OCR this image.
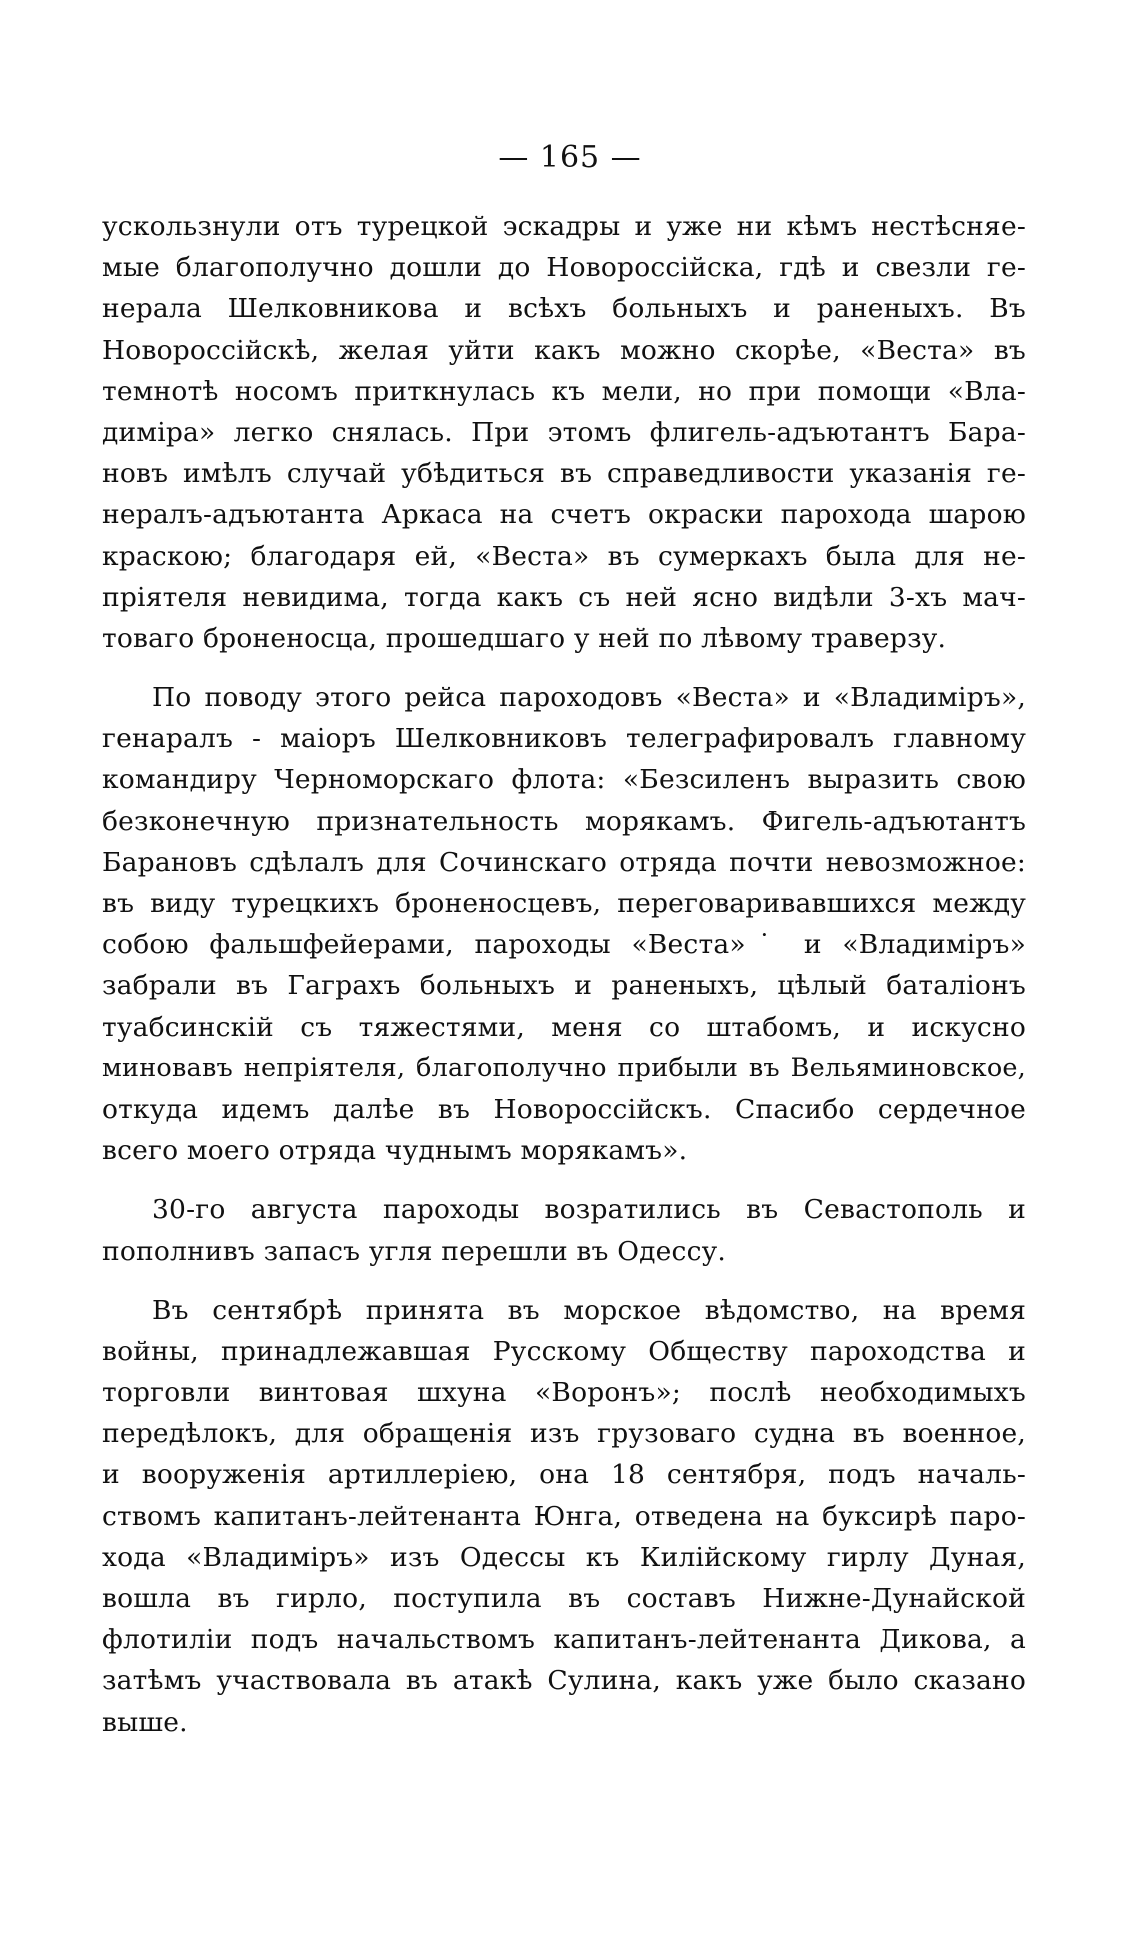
— 165 —
ускользнули отъ турецкой эскадры и уже ни кѣмъ нестѣсняе-
мые благополучно дошли до Новороссійска, гдѣ и свезли ге-
нерала Шелковникова и всѣхъ больныхъ и раненыхъ. Въ
Новороссійскѣ, желая уйти какъ можно скорѣе, «Веста» въ
темнотѣ носомъ приткнулась къ мели, но при помощи «Вла-
диміра» легко снялась. При этомъ флигель-адъютантъ Бара-
новъ имѣлъ случай убѣдиться въ справедливости указанія ге-
нералъ-адъютанта Аркаса на счетъ окраски парохода шарою
краскою; благодаря ей, «Веста» въ сумеркахъ была для не-
пріятеля невидима, тогда какъ съ ней ясно видѣли 3-хъ мач-
товаго броненосца, прошедшаго у ней по лѣвому траверзу.
По поводу этого рейса пароходовъ «Веста» и «Владиміръ»,
генаралъ - маіоръ Шелковниковъ телеграфировалъ главному
командиру Черноморскаго флота: «Безсиленъ выразить свою
безконечную признательность морякамъ. Фигель-адъютантъ
Барановъ сдѣлалъ для Сочинскаго отряда почти невозможное:
въ виду турецкихъ броненосцевъ, переговаривавшихся между
собою фальшфейерами, пароходы «Веста»˙ и «Владиміръ»
забрали въ Гаграхъ больныхъ и раненыхъ, цѣлый баталіонъ
туабсинскій съ тяжестями, меня со штабомъ, и искусно
миновавъ непріятеля, благополучно прибыли въ Вельяминовское,
откуда идемъ далѣе въ Новороссійскъ. Спасибо сердечное
всего моего отряда чуднымъ морякамъ».
30-го августа пароходы возратились въ Севастополь и
пополнивъ запасъ угля перешли въ Одессу.
Въ сентябрѣ принята въ морское вѣдомство, на время
войны, принадлежавшая Русскому Обществу пароходства и
торговли винтовая шхуна «Воронъ»; послѣ необходимыхъ
передѣлокъ, для обращенія изъ грузоваго судна въ военное,
и вооруженія артиллеріею, она 18 сентября, подъ началь-
ствомъ капитанъ-лейтенанта Юнга, отведена на буксирѣ паро-
хода «Владиміръ» изъ Одессы къ Килійскому гирлу Дуная,
вошла въ гирло, поступила въ составъ Нижне-Дунайской
флотиліи подъ начальствомъ капитанъ-лейтенанта Дикова, а
затѣмъ участвовала въ атакѣ Сулина, какъ уже было сказано
выше.
